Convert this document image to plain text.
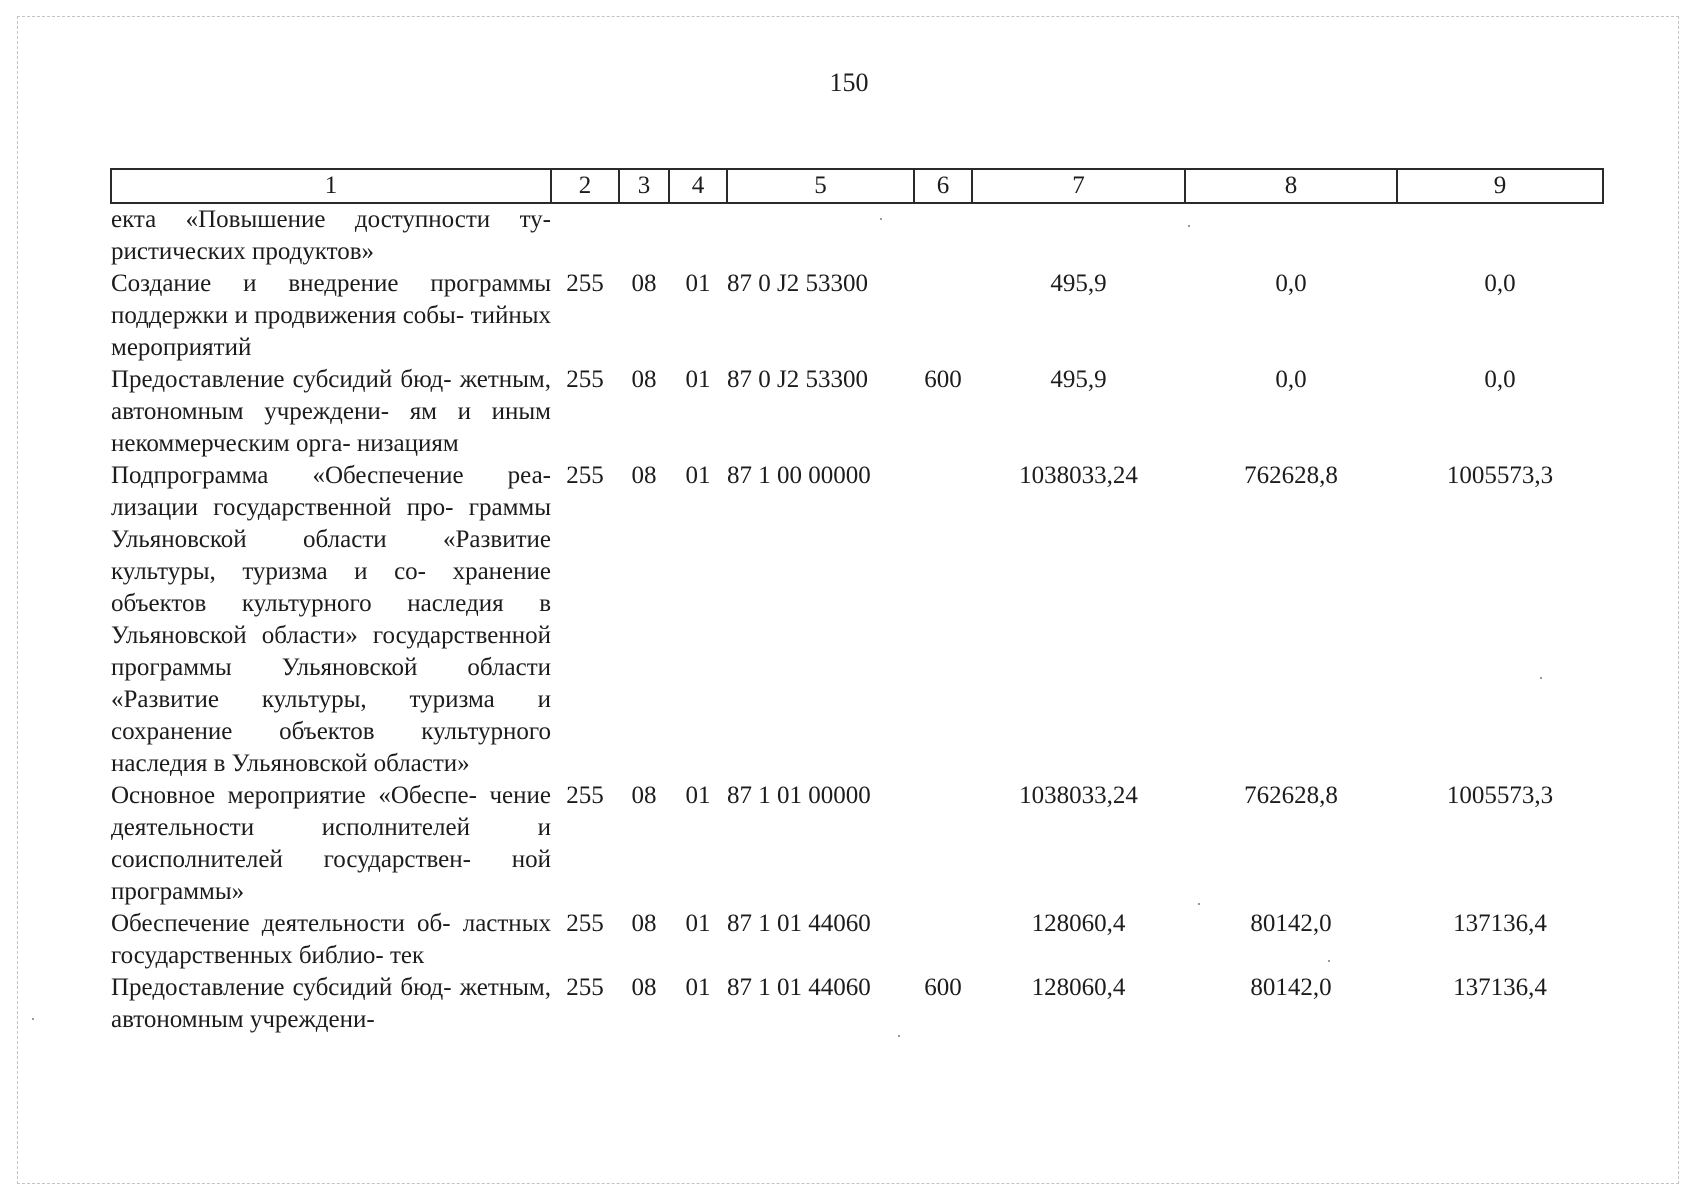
150
1	2	3	4	5	6	7	8	9
екта «Повышение доступности ту- ристических продуктов»								
Создание и внедрение программы поддержки и продвижения собы- тийных мероприятий	255	08	01	87 0 J2 53300		495,9	0,0	0,0
Предоставление субсидий бюд- жетным, автономным учреждени- ям и иным некоммерческим орга- низациям	255	08	01	87 0 J2 53300	600	495,9	0,0	0,0
Подпрограмма «Обеспечение реа- лизации государственной про- граммы Ульяновской области «Развитие культуры, туризма и со- хранение объектов культурного наследия в Ульяновской области» государственной программы Ульяновской области «Развитие культуры, туризма и сохранение объектов культурного наследия в Ульяновской области»	255	08	01	87 1 00 00000		1038033,24	762628,8	1005573,3
Основное мероприятие «Обеспе- чение деятельности исполнителей и соисполнителей государствен- ной программы»	255	08	01	87 1 01 00000		1038033,24	762628,8	1005573,3
Обеспечение деятельности об- ластных государственных библио- тек	255	08	01	87 1 01 44060		128060,4	80142,0	137136,4
Предоставление субсидий бюд- жетным, автономным учреждени-	255	08	01	87 1 01 44060	600	128060,4	80142,0	137136,4
